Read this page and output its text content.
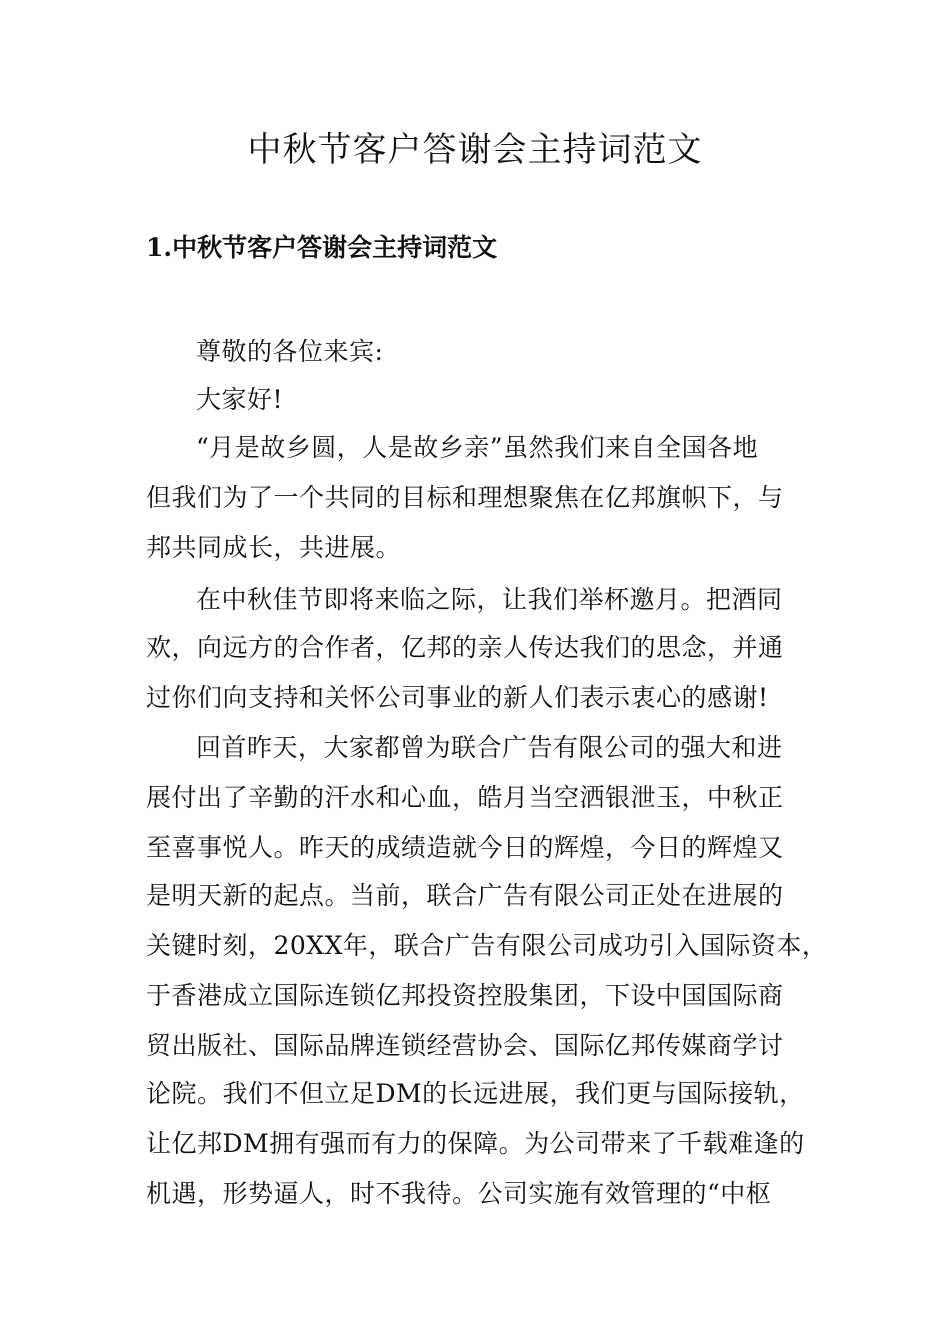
中秋节客户答谢会主持词范文
1.中秋节客户答谢会主持词范文
尊敬的各位来宾:
大家好!
“月是故乡圆，人是故乡亲”虽然我们来自全国各地
但我们为了一个共同的目标和理想聚焦在亿邦旗帜下，与
邦共同成长，共进展。
在中秋佳节即将来临之际，让我们举杯邀月。把酒同
欢，向远方的合作者，亿邦的亲人传达我们的思念，并通
过你们向支持和关怀公司事业的新人们表示衷心的感谢!
回首昨天，大家都曾为联合广告有限公司的强大和进
展付出了辛勤的汗水和心血，皓月当空洒银泄玉，中秋正
至喜事悦人。昨天的成绩造就今日的辉煌，今日的辉煌又
是明天新的起点。当前，联合广告有限公司正处在进展的
关键时刻，20XX年，联合广告有限公司成功引入国际资本，
于香港成立国际连锁亿邦投资控股集团，下设中国国际商
贸出版社、国际品牌连锁经营协会、国际亿邦传媒商学讨
论院。我们不但立足DM的长远进展，我们更与国际接轨，
让亿邦DM拥有强而有力的保障。为公司带来了千载难逢的
机遇，形势逼人，时不我待。公司实施有效管理的“中枢
